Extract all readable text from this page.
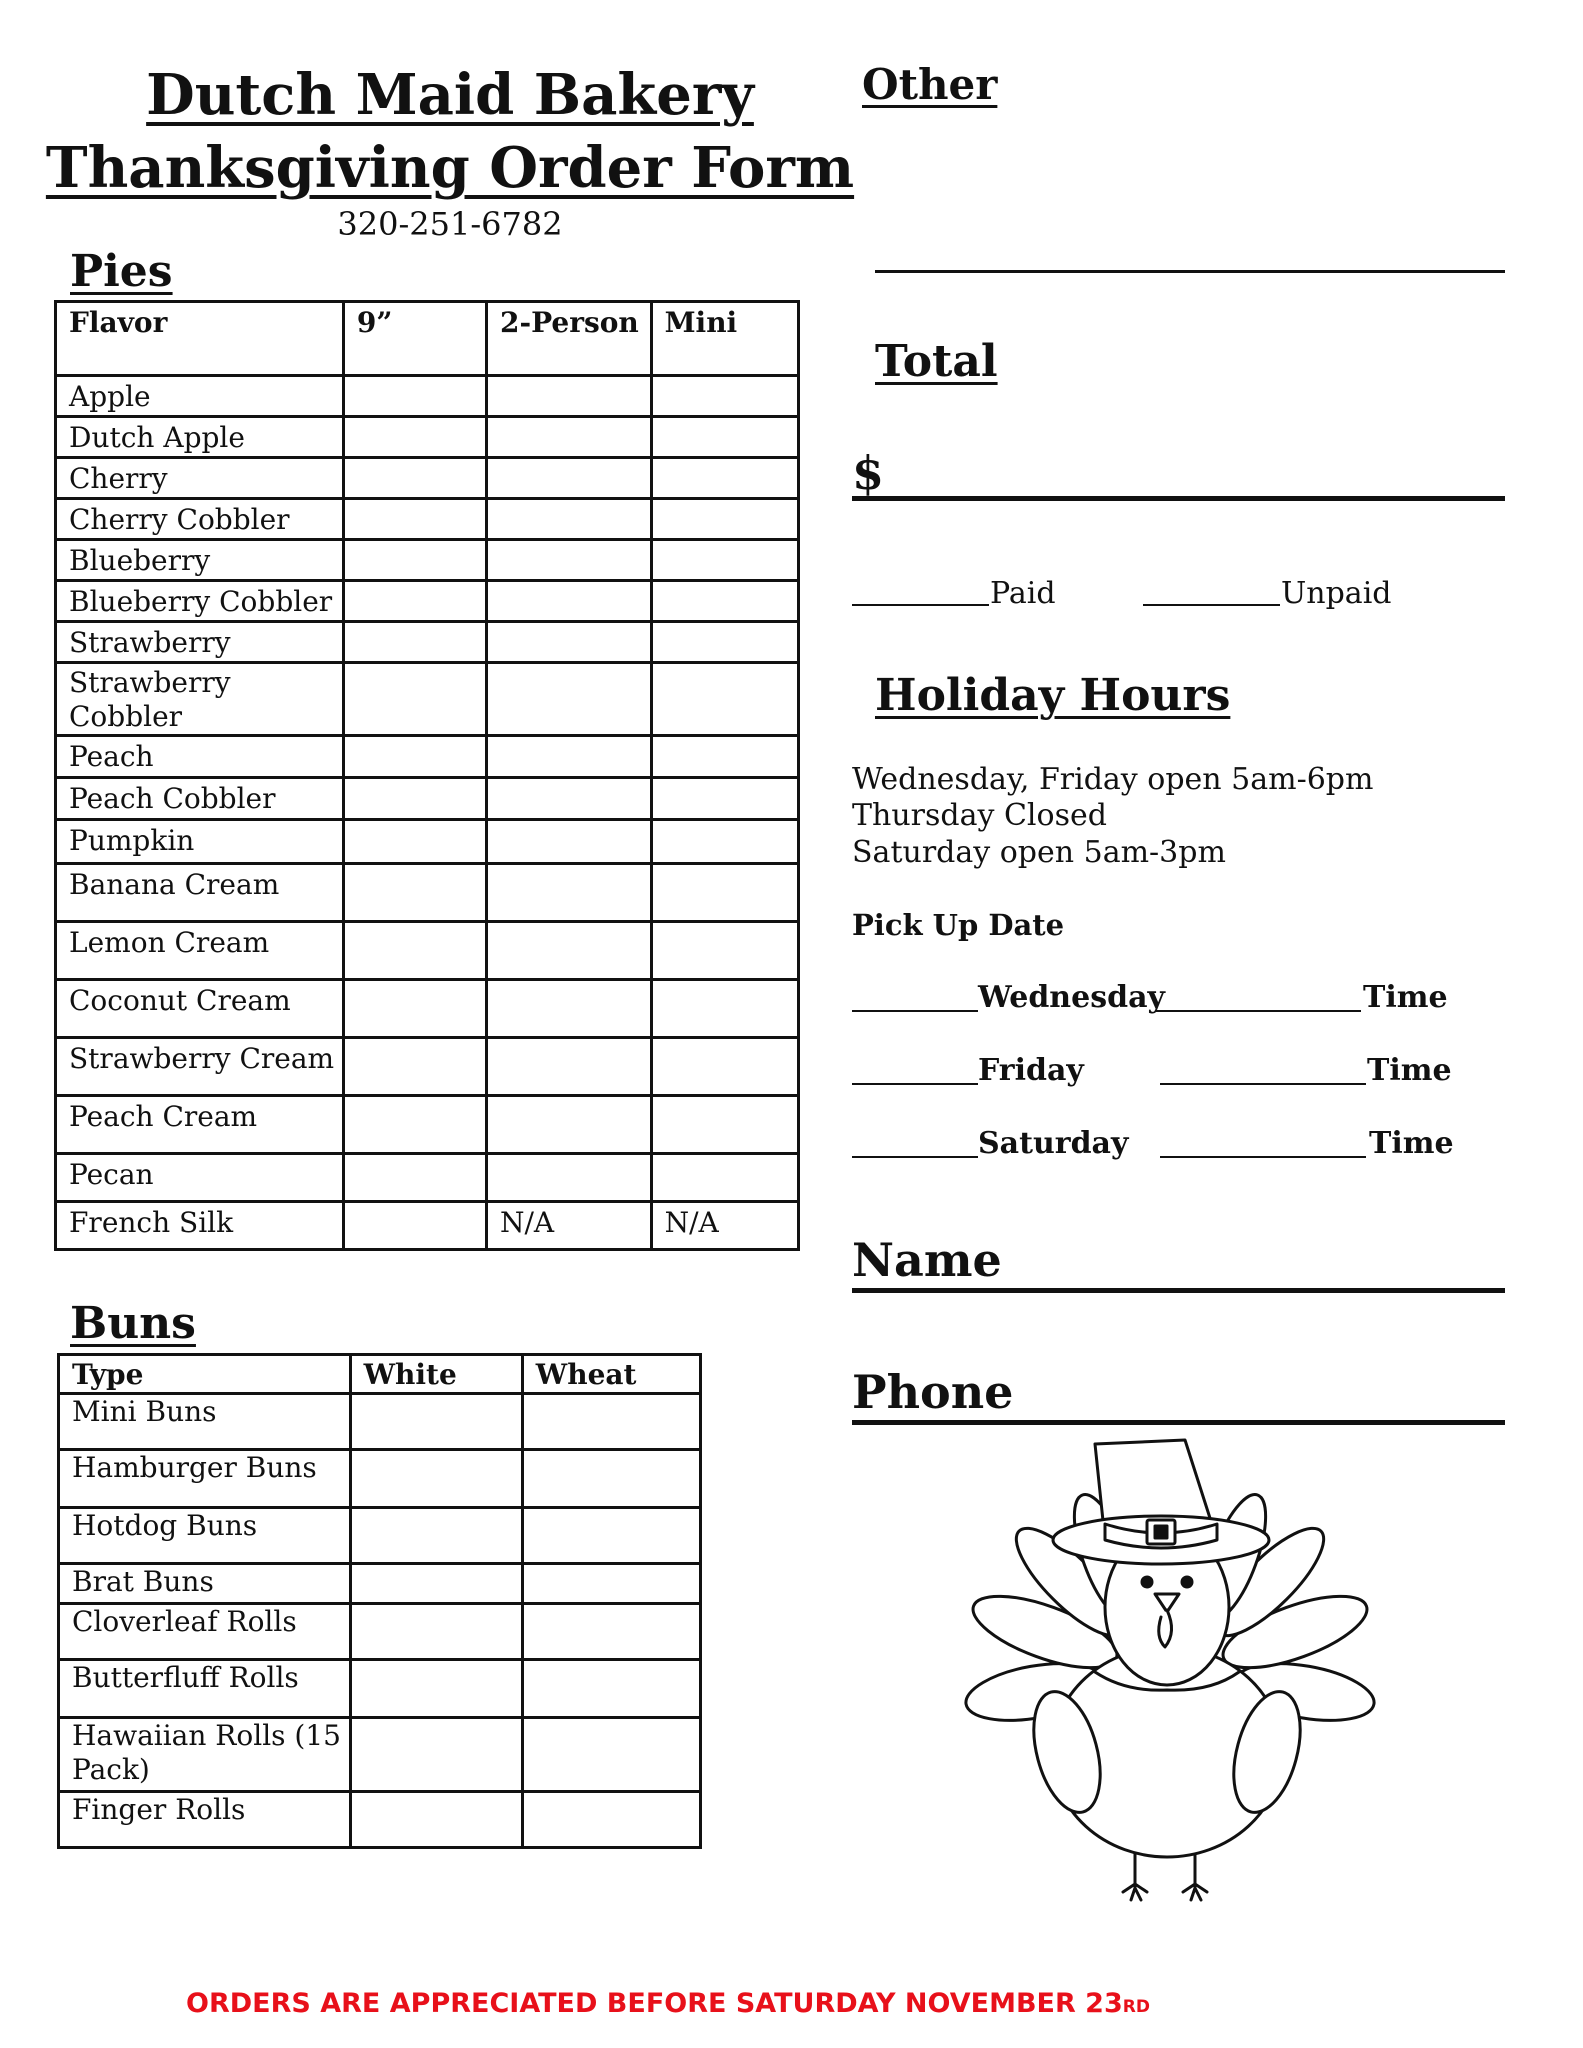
Dutch Maid Bakery
Thanksgiving Order Form
320-251-6782
Pies
Flavor	9”	2-Person	Mini
Apple			
Dutch Apple			
Cherry			
Cherry Cobbler			
Blueberry			
Blueberry Cobbler			
Strawberry			
Strawberry Cobbler			
Peach			
Peach Cobbler			
Pumpkin			
Banana Cream			
Lemon Cream			
Coconut Cream			
Strawberry Cream			
Peach Cream			
Pecan			
French Silk		N/A	N/A
Buns
Type	White	Wheat
Mini Buns		
Hamburger Buns		
Hotdog Buns		
Brat Buns		
Cloverleaf Rolls		
Butterfluff Rolls		
Hawaiian Rolls (15 Pack)		
Finger Rolls		
Other
Total
$
Paid	Unpaid
Holiday Hours
Wednesday, Friday open 5am-6pm
Thursday Closed
Saturday open 5am-3pm
Pick Up Date
Wednesday	Time
Friday	Time
Saturday	Time
Name
Phone
ORDERS ARE APPRECIATED BEFORE SATURDAY NOVEMBER 23RD
